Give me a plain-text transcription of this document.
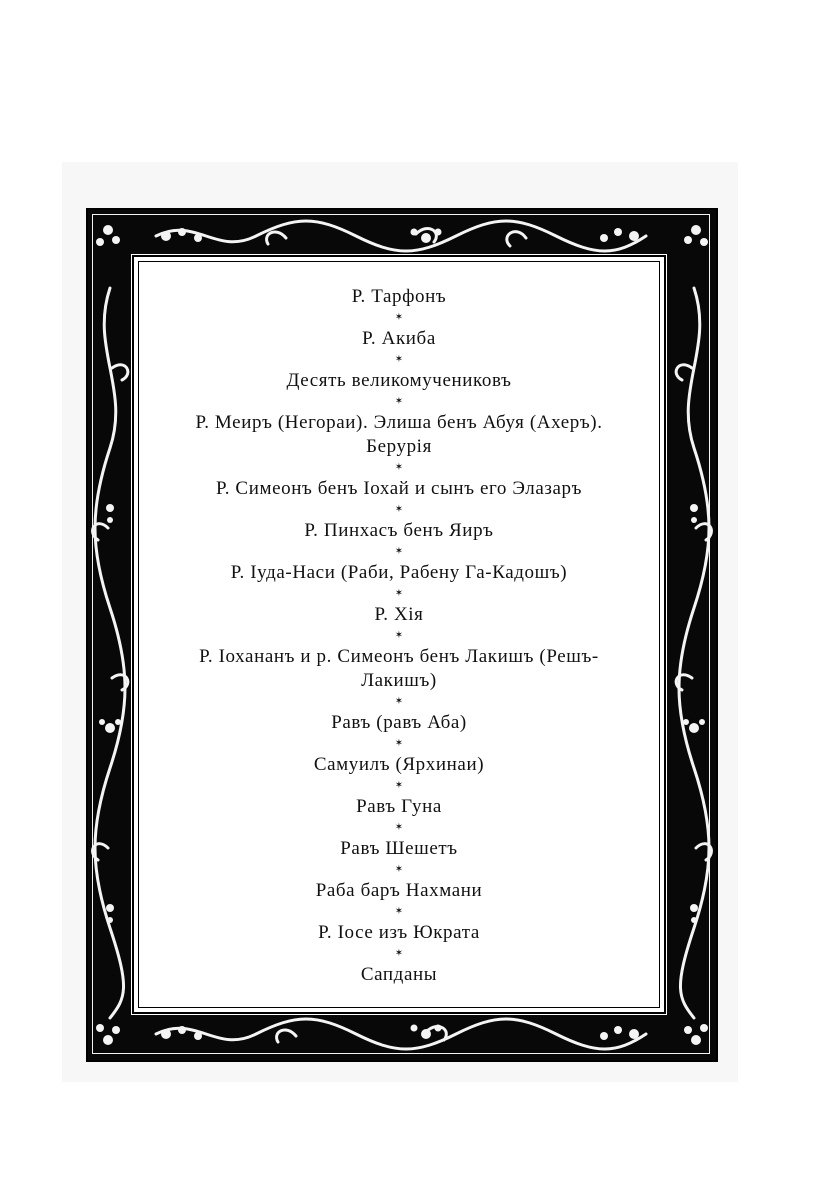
Р. Тарфонъ
✶
Р. Акиба
✶
Десять великомучениковъ
✶
Р. Меиръ (Негораи). Элиша бенъ Абуя (Ахеръ).
Берурія
✶
Р. Симеонъ бенъ Іохай и сынъ его Элазаръ
✶
Р. Пинхасъ бенъ Яиръ
✶
Р. Іуда-Наси (Раби, Рабену Га-Кадошъ)
✶
Р. Хія
✶
Р. Іохананъ и р. Симеонъ бенъ Лакишъ (Решъ-
Лакишъ)
✶
Равъ (равъ Аба)
✶
Самуилъ (Ярхинаи)
✶
Равъ Гуна
✶
Равъ Шешетъ
✶
Раба баръ Нахмани
✶
Р. Іосе изъ Юкрата
✶
Сапданы
